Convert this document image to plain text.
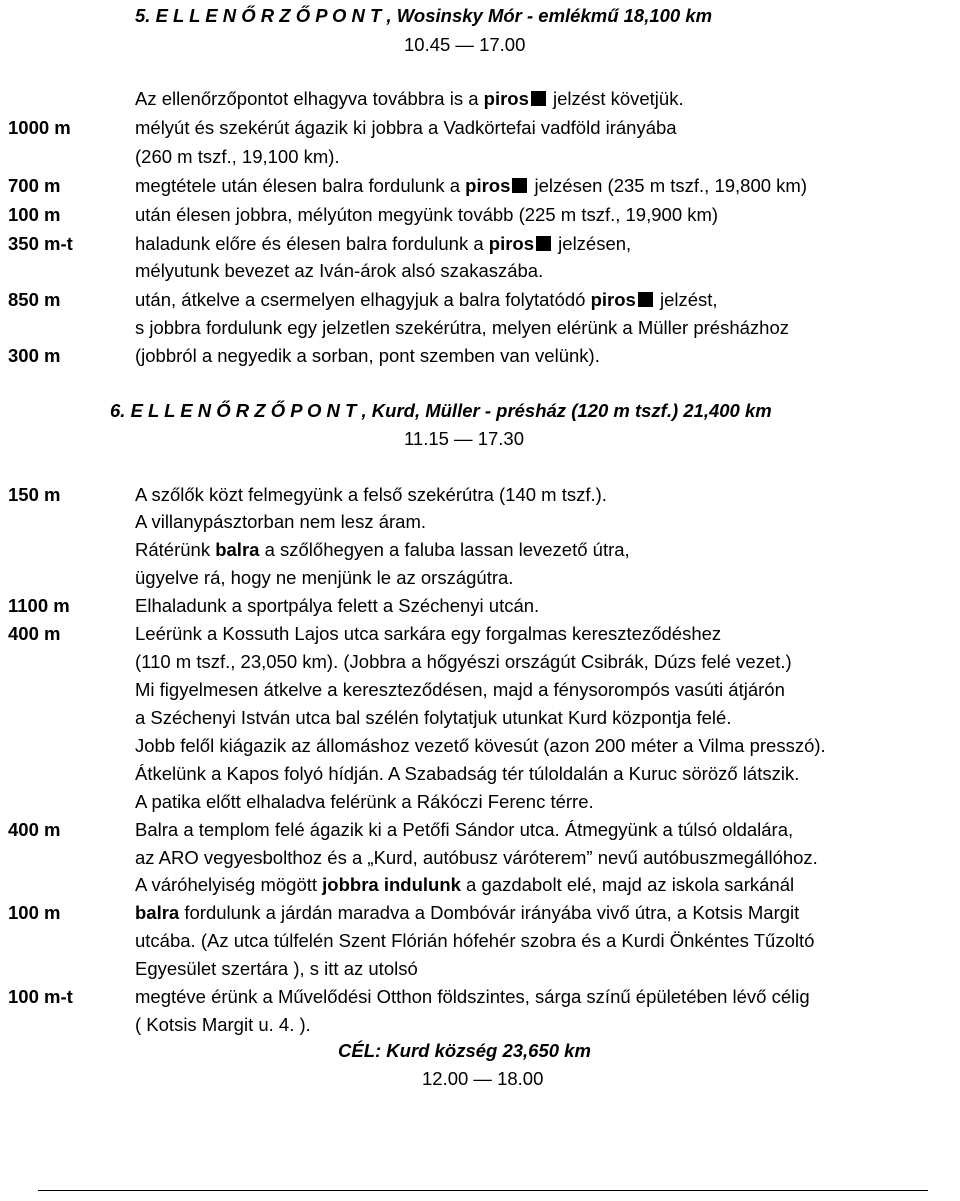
5. E L L E N Ő R Z Ő P O N T , Wosinsky Mór - emlékmű 18,100 km
10.45 — 17.00
Az ellenőrzőpontot elhagyva továbbra is a piros jelzést követjük.
1000 m	mélyút és szekérút ágazik ki jobbra a Vadkörtefai vadföld irányába
(260 m tszf., 19,100 km).
700 m	megtétele után élesen balra fordulunk a piros jelzésen (235 m tszf., 19,800 km)
100 m	után élesen jobbra, mélyúton megyünk tovább (225 m tszf., 19,900 km)
350 m-t	haladunk előre és élesen balra fordulunk a piros jelzésen,
mélyutunk bevezet az Iván-árok alsó szakaszába.
850 m	után, átkelve a csermelyen elhagyjuk a balra folytatódó piros jelzést,
s jobbra fordulunk egy jelzetlen szekérútra, melyen elérünk a Müller présházhoz
300 m	(jobbról a negyedik a sorban, pont szemben van velünk).
6. E L L E N Ő R Z Ő P O N T , Kurd, Müller - présház (120 m tszf.) 21,400 km
11.15 — 17.30
150 m	A szőlők közt felmegyünk a felső szekérútra (140 m tszf.).
A villanypásztorban nem lesz áram.
Rátérünk balra a szőlőhegyen a faluba lassan levezető útra,
ügyelve rá, hogy ne menjünk le az országútra.
1100 m	Elhaladunk a sportpálya felett a Széchenyi utcán.
400 m	Leérünk a Kossuth Lajos utca sarkára egy forgalmas kereszteződéshez
(110 m tszf., 23,050 km). (Jobbra a hőgyészi országút Csibrák, Dúzs felé vezet.)
Mi figyelmesen átkelve a kereszteződésen, majd a fénysorompós vasúti átjárón
a Széchenyi István utca bal szélén folytatjuk utunkat Kurd központja felé.
Jobb felől kiágazik az állomáshoz vezető kövesút (azon 200 méter a Vilma presszó).
Átkelünk a Kapos folyó hídján. A Szabadság tér túloldalán a Kuruc söröző látszik.
A patika előtt elhaladva felérünk a Rákóczi Ferenc térre.
400 m	Balra a templom felé ágazik ki a Petőfi Sándor utca. Átmegyünk a túlsó oldalára,
az ARO vegyesbolthoz és a „Kurd, autóbusz váróterem” nevű autóbuszmegállóhoz.
A váróhelyiség mögött jobbra indulunk a gazdabolt elé, majd az iskola sarkánál
100 m	balra fordulunk a járdán maradva a Dombóvár irányába vivő útra, a Kotsis Margit
utcába. (Az utca túlfelén Szent Flórián hófehér szobra és a Kurdi Önkéntes Tűzoltó
Egyesület szertára ), s itt az utolsó
100 m-t	megtéve érünk a Művelődési Otthon földszintes, sárga színű épületében lévő célig
( Kotsis Margit u. 4. ).
CÉL: Kurd község 23,650 km
12.00 — 18.00
